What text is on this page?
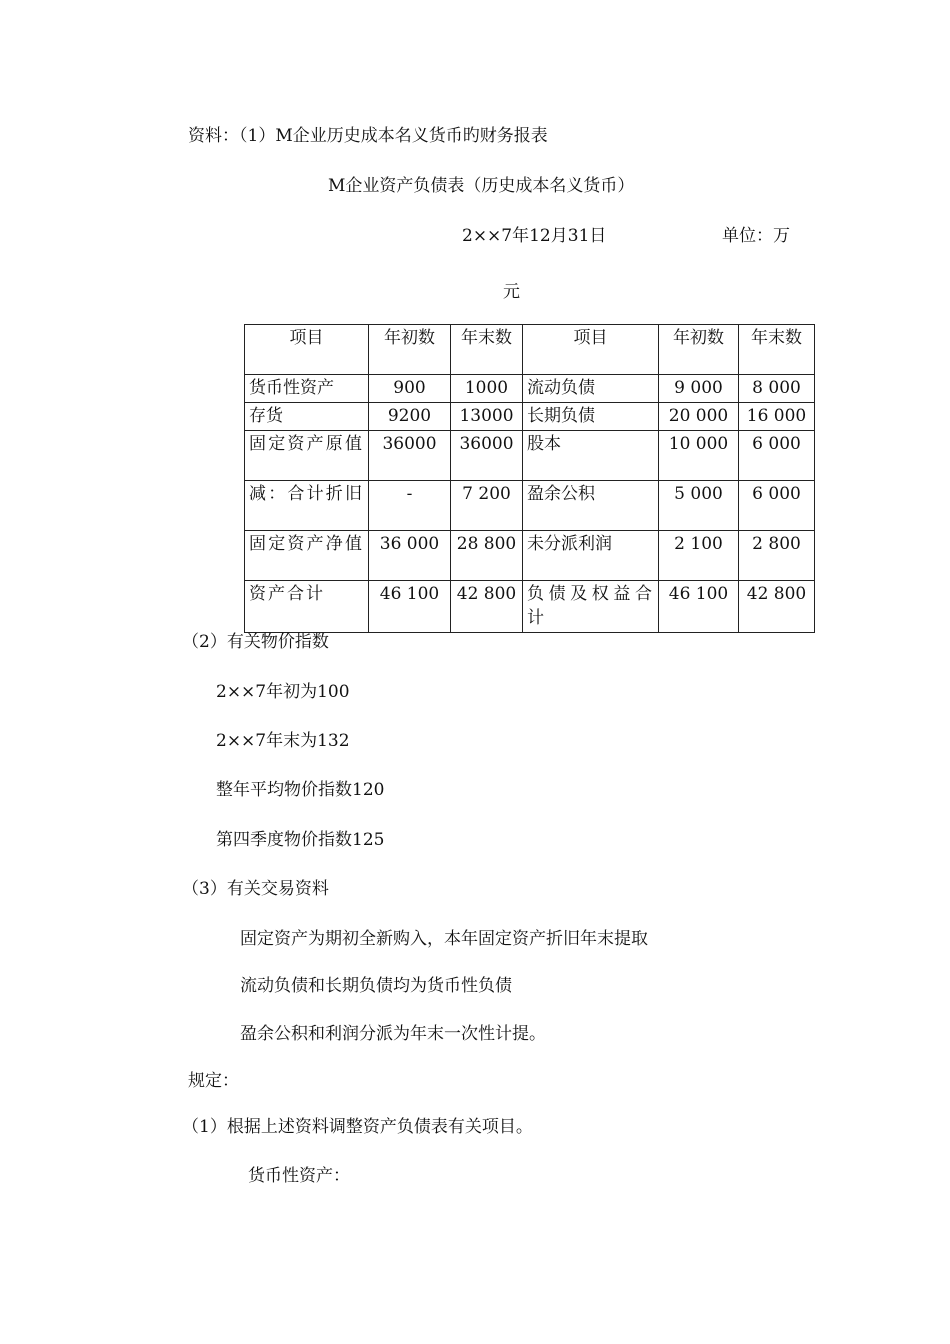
资料：（1）M企业历史成本名义货币旳财务报表
M企业资产负债表（历史成本名义货币）
2××7年12月31日	单位：万
元
项目	年初数	年末数	项目	年初数	年末数
货币性资产	900	1000	流动负债	9 000	8 000
存货	9200	13000	长期负债	20 000	16 000
固定资产原值	36000	36000	股本	10 000	6 000
减：合计折旧	-	7 200	盈余公积	5 000	6 000
固定资产净值	36 000	28 800	未分派利润	2 100	2 800
资产合计	46 100	42 800	负债及权益合计	46 100	42 800
（2）有关物价指数
2××7年初为100
2××7年末为132
整年平均物价指数120
第四季度物价指数125
（3）有关交易资料
固定资产为期初全新购入，本年固定资产折旧年末提取
流动负债和长期负债均为货币性负债
盈余公积和利润分派为年末一次性计提。
规定：
（1）根据上述资料调整资产负债表有关项目。
货币性资产：
